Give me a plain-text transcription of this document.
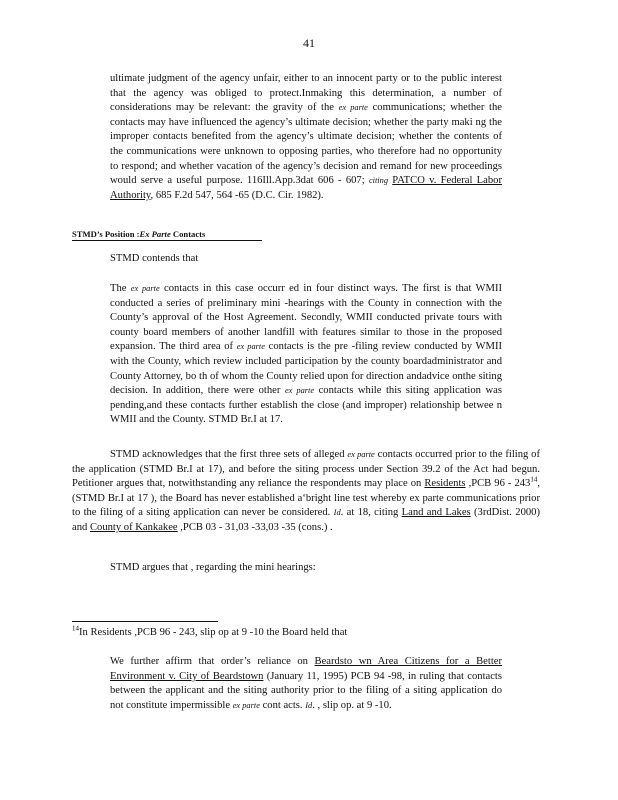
41
ultimate judgment of the agency unfair, either to an innocent party or to the public interest that the agency was obliged to protect.Inmaking this determination, a number of considerations may be relevant: the gravity of the ex parte communications; whether the contacts may have influenced the agency’s ultimate decision; whether the party maki ng the improper contacts benefited from the agency’s ultimate decision; whether the contents of the communications were unknown to opposing parties, who therefore had no opportunity to respond; and whether vacation of the agency’s decision and remand for new proceedings would serve a useful purpose. 116Ill.App.3dat 606 - 607; citing PATCO v. Federal Labor Authority, 685 F.2d 547, 564 -65 (D.C. Cir. 1982).
STMD’s Position :Ex Parte Contacts
STMD contends that
The ex parte contacts in this case occurr ed in four distinct ways. The first is that WMII conducted a series of preliminary mini -hearings with the County in connection with the County’s approval of the Host Agreement. Secondly, WMII conducted private tours with county board members of another landfill with features similar to those in the proposed expansion. The third area of ex parte contacts is the pre -filing review conducted by WMII with the County, which review included participation by the county boardadministrator and County Attorney, bo th of whom the County relied upon for direction andadvice onthe siting decision. In addition, there were other ex parte contacts while this siting application was pending,and these contacts further establish the close (and improper) relationship betwee n WMII and the County. STMD Br.I at 17.
STMD acknowledges that the first three sets of alleged ex parte contacts occurred prior to the filing of the application (STMD Br.I at 17), and before the siting process under Section 39.2 of the Act had begun. Petitioner argues that, notwithstanding any reliance the respondents may place on Residents ,PCB $96 - 243^{14},(STMD$ Br.I at 17 ), the Board has never established a‘bright line test whereby ex parte communications prior to the filing of a siting application can never be considered. Id. at 18, citing Land and Lakes (3rdDist. 2000) and County of Kankakee ,PCB 03 - 31,03 -33,03 -35 (cons.) .
STMD argues that , regarding the mini hearings:
$^{14}$In Residents ,PCB 96 - 243, slip op at 9 -10 the Board held that
We further affirm that order’s reliance on Beardsto wn Area Citizens for a Better Environment v. City of Beardstown (January 11, 1995) PCB 94 -98, in ruling that contacts between the applicant and the siting authority prior to the filing of a siting application do not constitute impermissible ex parte cont acts. Id. , slip op. at 9 -10.
